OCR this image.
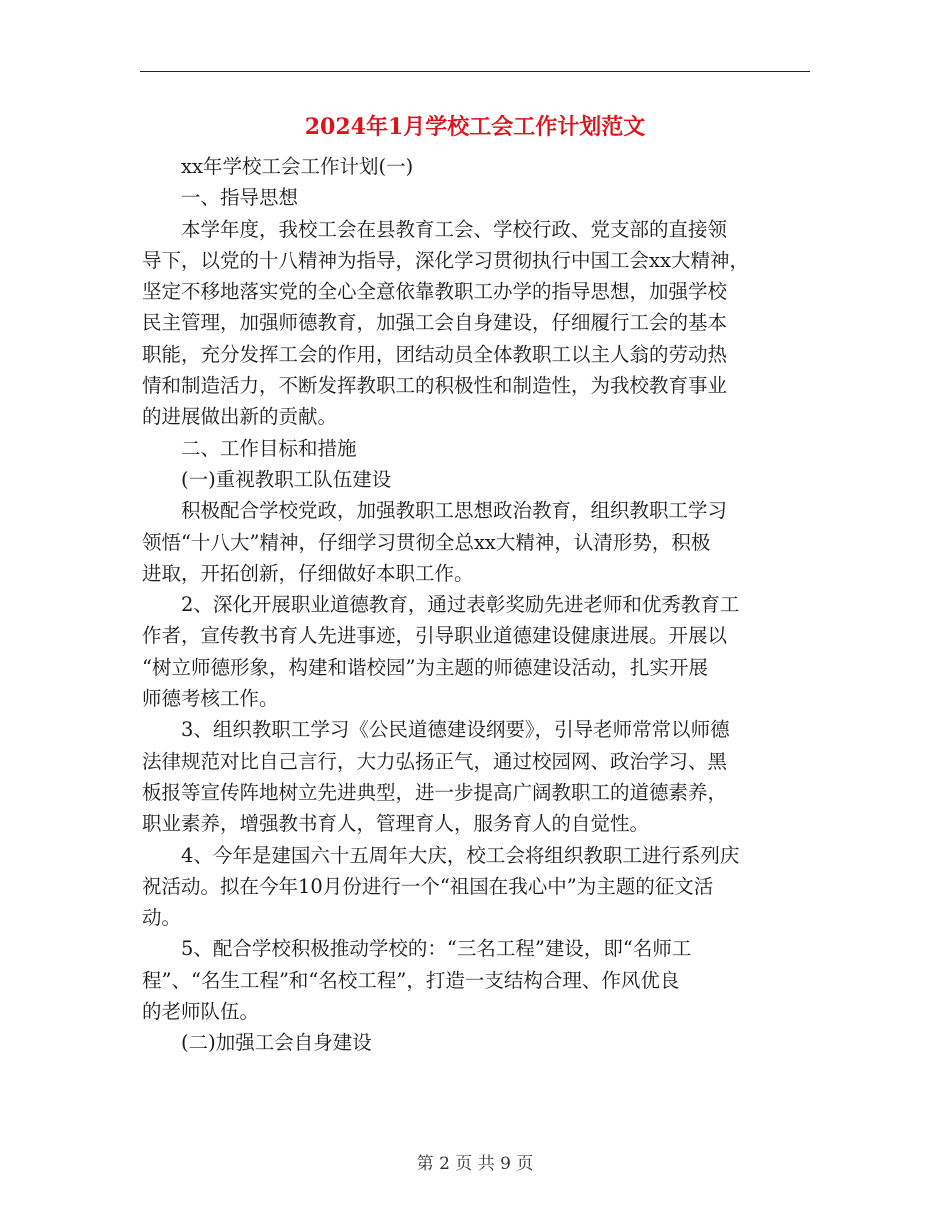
2024年1月学校工会工作计划范文

xx年学校工会工作计划(一)

一、指导思想

本学年度，我校工会在县教育工会、学校行政、党支部的直接领
导下，以党的十八精神为指导，深化学习贯彻执行中国工会xx大精神，
坚定不移地落实党的全心全意依靠教职工办学的指导思想，加强学校
民主管理，加强师德教育，加强工会自身建设，仔细履行工会的基本
职能，充分发挥工会的作用，团结动员全体教职工以主人翁的劳动热
情和制造活力，不断发挥教职工的积极性和制造性，为我校教育事业
的进展做出新的贡献。

二、工作目标和措施

(一)重视教职工队伍建设

积极配合学校党政，加强教职工思想政治教育，组织教职工学习
领悟“十八大”精神，仔细学习贯彻全总xx大精神，认清形势，积极
进取，开拓创新，仔细做好本职工作。

2、深化开展职业道德教育，通过表彰奖励先进老师和优秀教育工
作者，宣传教书育人先进事迹，引导职业道德建设健康进展。开展以
“树立师德形象，构建和谐校园”为主题的师德建设活动，扎实开展
师德考核工作。

3、组织教职工学习《公民道德建设纲要》，引导老师常常以师德
法律规范对比自己言行，大力弘扬正气，通过校园网、政治学习、黑
板报等宣传阵地树立先进典型，进一步提高广阔教职工的道德素养，
职业素养，增强教书育人，管理育人，服务育人的自觉性。

4、今年是建国六十五周年大庆，校工会将组织教职工进行系列庆
祝活动。拟在今年10月份进行一个“祖国在我心中”为主题的征文活
动。

5、配合学校积极推动学校的：“三名工程”建设，即“名师工
程”、“名生工程”和“名校工程”，打造一支结构合理、作风优良
的老师队伍。

(二)加强工会自身建设

第 2 页 共 9 页
